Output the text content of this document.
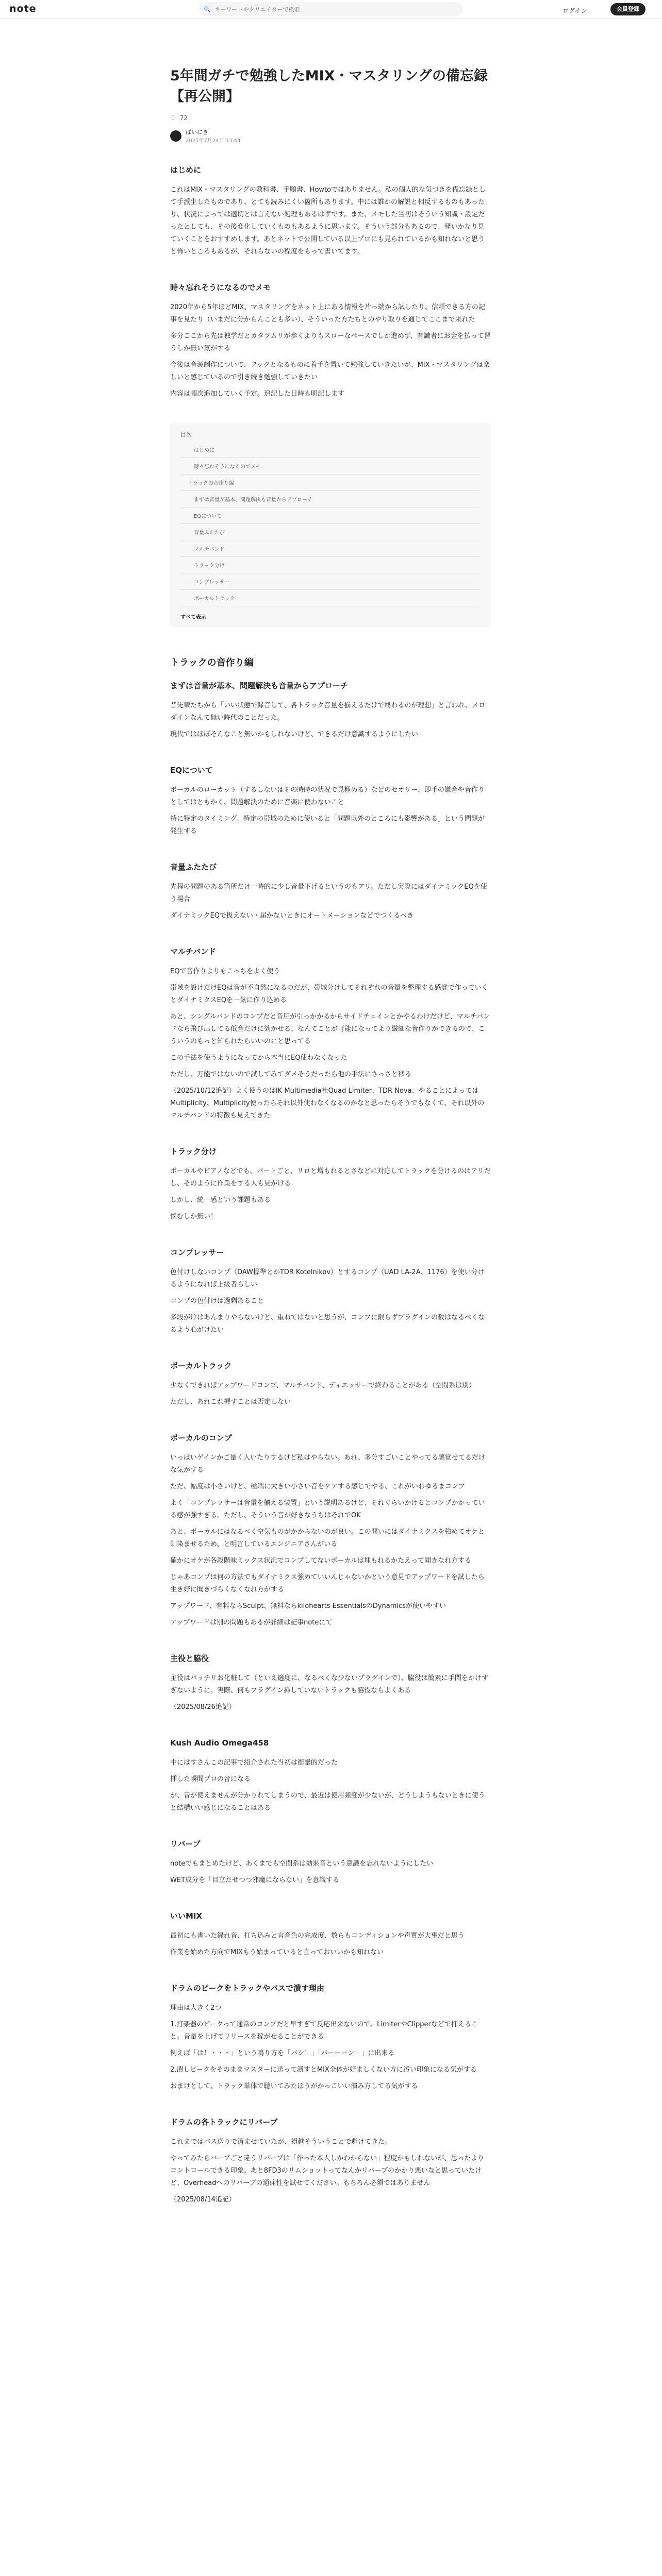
note	🔍
キーワードやクリエイターで検索	ログイン	会員登録
5年間ガチで勉強したMIX・マスタリングの備忘録【再公開】
♡ 72
ぱいにき
2025年7月24日 13:44
はじめに

これはMIX・マスタリングの教科書、手順書、Howtoではありません。私の個人的な気づきを備忘録として手派生したものであり、とても読みにくい箇所もあります。中には誰かの解説と相反するものもあったり、状況によっては適切とは言えない処理もあるはずです。また、メモした当初はそういう知識・設定だったとしても、その後変化していくものもあるように思います。そういう部分もあるので、軽いかなり見ていくことをおすすめします。あとネットで公開している以上プロにも見られているかも知れないと思うと怖いところもあるが、それらないの程度をもって書いてます。

時々忘れそうになるのでメモ

2020年から5年ほどMIX、マスタリングをネット上にある情報を片っ端から試したり、信頼できる方の記事を見たり（いまだに分からんことも多い）、そういった方たちとのやり取りを通じてここまで来れた

多分ここから先は独学だとカタツムリが歩くよりもスローなペースでしか進めず、有識者にお金を払って習うしか無い気がする

今後は音源制作について、フックとなるものに着手を置いて勉強していきたいが、MIX・マスタリングは楽しいと感じているので引き続き勉強していきたい

内容は順次追加していく予定。追記した日時も明記します

目次
はじめに
時々忘れそうになるのでメモ
トラックの音作り編
まずは音量が基本、問題解決も音量からアプローチ
EQについて
音量ふたたび
マルチバンド
トラック分け
コンプレッサー
ボーカルトラック
すべて表示
トラックの音作り編
まずは音量が基本、問題解決も音量からアプローチ

昔先輩たちから「いい状態で録音して、各トラック音量を揃えるだけで終わるのが理想」と言われ、メロダインなんて無い時代のことだった。

現代ではほぼそんなこと無いかもしれないけど、できるだけ意識するようにしたい

EQについて

ボーカルのローカット（するしないはその時時の状況で見極める）などのセオリー、即手の嫌音や音作りとしてはともかく、問題解決のために音楽に使わないこと

特に特定のタイミング、特定の帯域のために使いると「問題以外のところにも影響がある」という問題が発生する

音量ふたたび

先程の問題のある箇所だけ一時的に少し音量下げるというのもアリ。ただし実際にはダイナミックEQを使う場合

ダイナミックEQで扱えない・届かないときにオートメーションなどでつくるべき

マルチバンド

EQで音作りよりもこっちをよく使う

帯域を設けだけEQは音が不自然になるのだが、帯域分けしてそれぞれの音量を整理する感覚で作っていくとダイナミクスEQを一気に作り込める

あと、シングルバンドのコンプだと音圧が引っかかるからサイドチェインとかやるわけだけど、マルチバンドなら飛び出してる低音だけに効かせる、なんてことが可能になってより繊細な音作りができるので、こういうのもっと知られたらいいのにと思ってる

この手法を使うようになってから本当にEQ使わなくなった

ただし、万能ではないので試してみてダメそうだったら他の手法にさっさと移る

（2025/10/12追記）よく使うのはIK Multimedia社Quad Limiter、TDR Nova、やることによってはMultiplicity、Multiplicity使ったらそれ以外使わなくなるのかなと思ったらそうでもなくて、それ以外のマルチバンドの特徴も見えてきた

トラック分け

ボーカルやピアノなどでも、パートごと、リロと増もれるとさなどに対応してトラックを分けるのはアリだし、そのように作業をする人も見かける

しかし、統一感という課題もある

悩むしか無い！

コンプレッサー

色付けしないコンプ（DAW標準とかTDR Kotelnikov）とするコンプ（UAD LA-2A、1176）を使い分けるようになれば上級者らしい

コンプの色付けは過剰あること

多段がけはあんまりやらないけど、重ねてはないと思うが、コンプに限らずプラグインの数はなるべくなるよう心がけたい

ボーカルトラック

少なくできればアップワードコンプ、マルチバンド、ディエッサーで終わることがある（空間系は別）

ただし、あれこれ揮すことは否定しない

ボーカルのコンプ

いっぱいゲインかご量く入いたりするけど私はやらない。あれ、多分すごいことやってる感覚せてるだけな気がする

ただ、幅度は小さいけど、極端に大きい小さい音をケアする感じでやる、これがいわゆるまコンプ

よく「コンプレッサーは音量を揃える装置」という説明あるけど、それぐらいかけるとコンプかかっている感が強すぎる。ただし、そういう音が好きなうちはそれでOK

あと、ボーカルにはなるべく空気ものがかからないのが良い。この問いにはダイナミクスを強めてオケと馴染ませるため、と明言しているエンジニアさんがいる

確かにオケが各段階味ミックス状況でコンプしてないボーカルは埋もれるかたえって聞きなれ方する

じゃあコンプは何の方法でもダイナミクス強めていいんじゃないかという意見でアップワードを試したら生き好に聞きづらくなくなれ方がする

アップワード、有料ならSculpt、無料ならkilohearts EssentialsのDynamicsが使いやすい

アップワードは別の問題もあるが詳細は記事noteにて

主役と脇役

主役はバッチリお化粧して（といえ適度に、なるべくな少ないプラグインで）、脇役は簡素に手間をかけすぎないように。実際、何もプラグイン挿していないトラックも脇役ならよくある

（2025/08/26追記）

Kush Audio Omega458

中にはすさんこの記事で紹介された当初は衝撃的だった

挿した瞬間プロの音になる

が、音が使えませんが分かりれてしまうので、最近は使用頻度が少ないが、どうしようもないときに使うと結構いい感じになることはある

リバーブ

noteでもまとめたけど、あくまでも空間系は効果音という意識を忘れないようにしたい

WET成分を「目立たせつつ邪魔にならない」を意識する

いいMIX

最初にも書いた録れ音、打ち込みと言音色の完成度、数らもコンディションや声質が大事だと思う

作業を始めた方向でMIXもう始まっていると言っておいいかも知れない

ドラムのピークをトラックやバスで潰す理由

理由は大きく2つ

1.打楽器のピークって通常のコンプだと早すぎて反応出来ないので、LimiterやClipperなどで抑えること。音量を上げてリリースを稼がせることができる

例えば「は！・・・」という鳴り方を「バシ！」「バーーーン！」に出来る

2.潰しピークをそのままマスターに送って潰すとMIX全体が好ましくない方に汚い印象になる気がする

おまけとして、トラック単体で聴いてみたほうがかっこいい潰み方してる気がする

ドラムの各トラックにリバーブ

これまではバス送りで済ませていたが、損越そういうことで避けてきた。

やってみたらバーブごと違うリバーブは「作った本人しかわからない」程度かもしれないが、思ったよりコントロールできる印象。あと8FD3のリムショットってなんかリバーブのかかり悪いなと思っていたけど、Overheadへのリバーブの通痛性を試せてください。もちろん必須ではありません

（2025/08/14追記）
